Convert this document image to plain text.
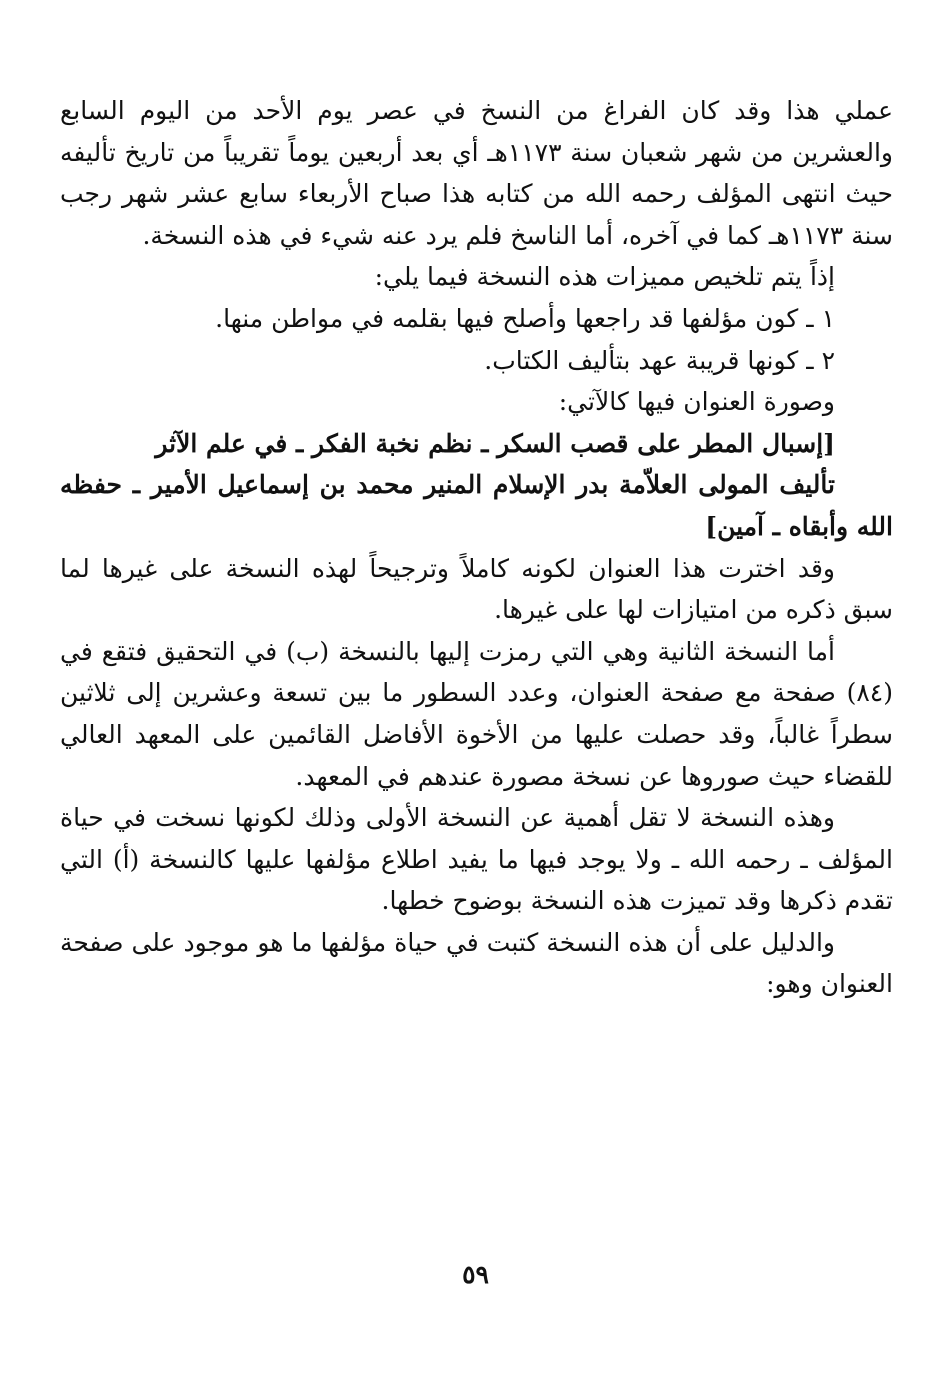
عملي هذا وقد كان الفراغ من النسخ في عصر يوم الأحد من اليوم السابع والعشرين من شهر شعبان سنة ١١٧٣هـ أي بعد أربعين يوماً تقريباً من تاريخ تأليفه حيث انتهى المؤلف رحمه الله من كتابه هذا صباح الأربعاء سابع عشر شهر رجب سنة ١١٧٣هـ كما في آخره، أما الناسخ فلم يرد عنه شيء في هذه النسخة.

إذاً يتم تلخيص مميزات هذه النسخة فيما يلي:

١ ـ كون مؤلفها قد راجعها وأصلح فيها بقلمه في مواطن منها.

٢ ـ كونها قريبة عهد بتأليف الكتاب.

وصورة العنوان فيها كالآتي:

[إسبال المطر على قصب السكر ـ نظم نخبة الفكر ـ في علم الآثر

تأليف المولى العلاّمة بدر الإسلام المنير محمد بن إسماعيل الأمير ـ حفظه الله وأبقاه ـ آمين]

وقد اخترت هذا العنوان لكونه كاملاً وترجيحاً لهذه النسخة على غيرها لما سبق ذكره من امتيازات لها على غيرها.

أما النسخة الثانية وهي التي رمزت إليها بالنسخة (ب) في التحقيق فتقع في (٨٤) صفحة مع صفحة العنوان، وعدد السطور ما بين تسعة وعشرين إلى ثلاثين سطراً غالباً، وقد حصلت عليها من الأخوة الأفاضل القائمين على المعهد العالي للقضاء حيث صوروها عن نسخة مصورة عندهم في المعهد.

وهذه النسخة لا تقل أهمية عن النسخة الأولى وذلك لكونها نسخت في حياة المؤلف ـ رحمه الله ـ ولا يوجد فيها ما يفيد اطلاع مؤلفها عليها كالنسخة (أ) التي تقدم ذكرها وقد تميزت هذه النسخة بوضوح خطها.

والدليل على أن هذه النسخة كتبت في حياة مؤلفها ما هو موجود على صفحة العنوان وهو:

٥٩
